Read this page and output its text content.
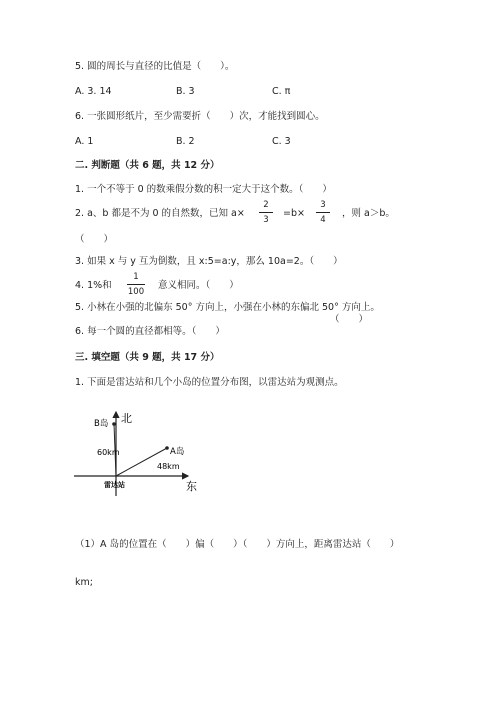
5. 圆的周长与直径的比值是（　　）。
A. 3. 14	B. 3	C. π
6. 一张圆形纸片，至少需要折（　　）次，才能找到圆心。
A. 1	B. 2	C. 3
二. 判断题（共 6 题，共 12 分）
1. 一个不等于 0 的数乘假分数的积一定大于这个数。（　　）
2. a、b 都是不为 0 的自然数，已知 a×
2
3
=b×
3
4
，则 a＞b。
（　　）
3. 如果 x 与 y 互为倒数，且 x:5=a:y，那么 10a=2。（　　）
4. 1%和
1
100
意义相同。（　　）
5. 小林在小强的北偏东 50° 方向上，小强在小林的东偏北 50° 方向上。
（　　）
6. 每一个圆的直径都相等。（　　）
三. 填空题（共 9 题，共 17 分）
1. 下面是雷达站和几个小岛的位置分布图，以雷达站为观测点。
北
东
B岛
A岛
60km
48km
雷达站
（1）A 岛的位置在（　　）偏（　　）（　　）方向上，距离雷达站（　　）
km;
